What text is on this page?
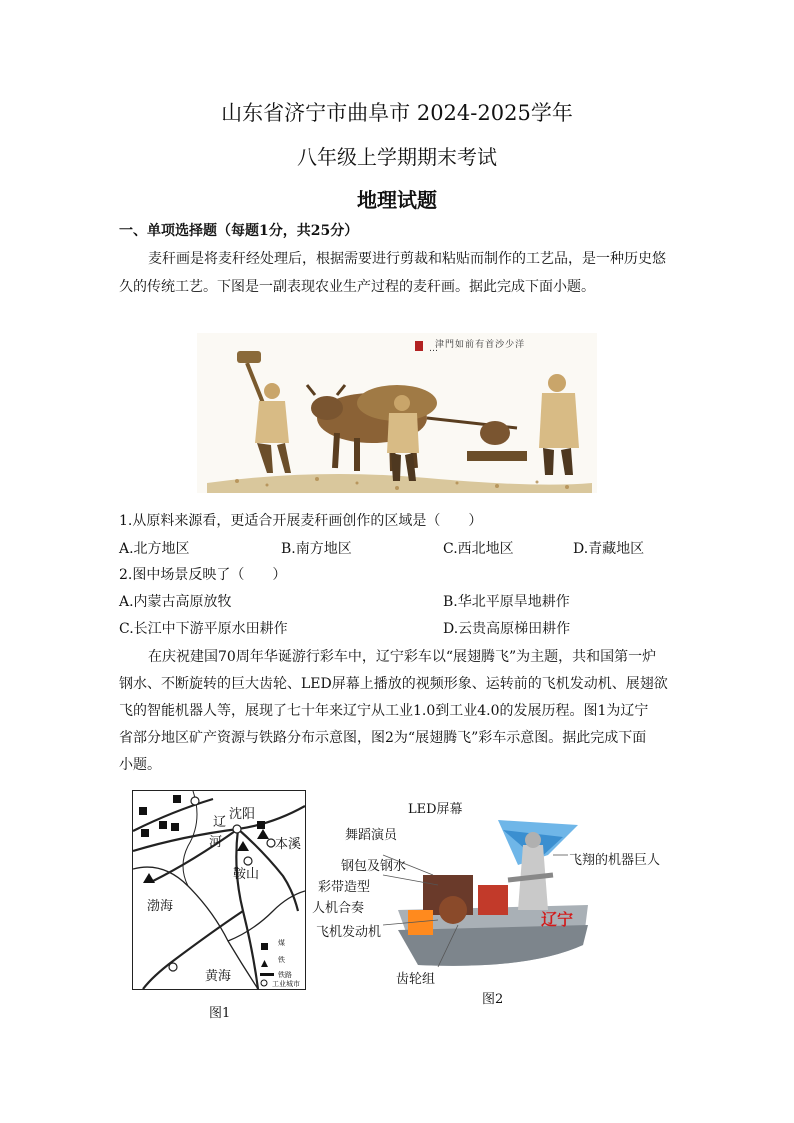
山东省济宁市曲阜市 2024-2025学年
八年级上学期期末考试
地理试题
一、单项选择题（每题1分，共25分）
麦秆画是将麦秆经处理后，根据需要进行剪裁和粘贴而制作的工艺品，是一种历史悠
久的传统工艺。下图是一副表现农业生产过程的麦秆画。据此完成下面小题。
…
津門如前有首沙少洋
1.从原料来源看，更适合开展麦秆画创作的区域是（　　）
A.北方地区	B.南方地区	C.西北地区	D.青藏地区
2.图中场景反映了（　　）
A.内蒙古高原放牧	B.华北平原旱地耕作
C.长江中下游平原水田耕作	D.云贵高原梯田耕作
在庆祝建国70周年华诞游行彩车中，辽宁彩车以“展翅腾飞”为主题，共和国第一炉
钢水、不断旋转的巨大齿轮、LED屏幕上播放的视频形象、运转前的飞机发动机、展翅欲
飞的智能机器人等，展现了七十年来辽宁从工业1.0到工业4.0的发展历程。图1为辽宁
省部分地区矿产资源与铁路分布示意图，图2为“展翅腾飞”彩车示意图。据此完成下面
小题。
沈阳
辽
河	本溪
鞍山
渤海
黄海
煤
铁
铁路
工业城市
图1
辽宁
LED屏幕
舞蹈演员
钢包及钢水
彩带造型
人机合奏
飞机发动机
齿轮组
飞翔的机器巨人
图2
